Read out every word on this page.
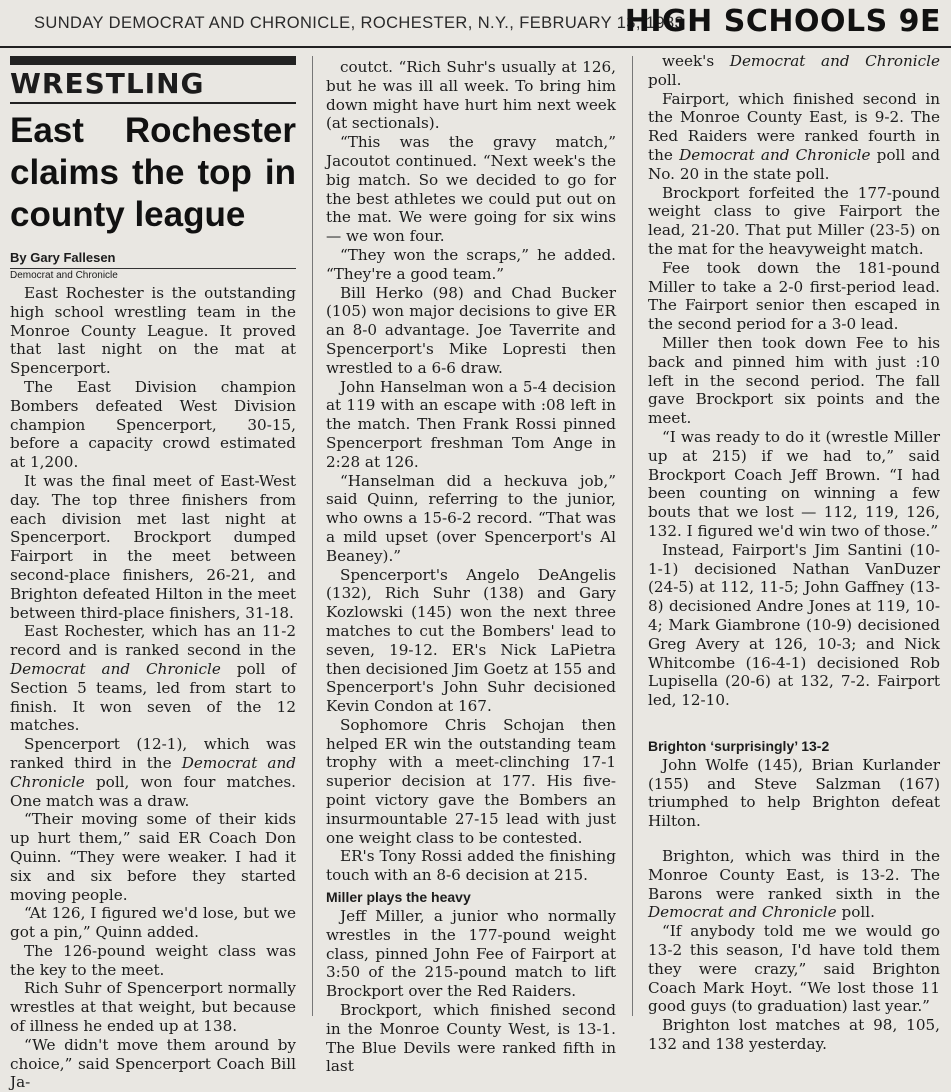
SUNDAY DEMOCRAT AND CHRONICLE, ROCHESTER, N.Y., FEBRUARY 13, 1983
HIGH SCHOOLS 9E
WRESTLING
East Rochester claims the top in county league
By Gary Fallesen
Democrat and Chronicle

East Rochester is the outstanding high school wrestling team in the Monroe County League. It proved that last night on the mat at Spencerport.

The East Division champion Bombers defeated West Division champion Spencerport, 30-15, before a capacity crowd estimated at 1,200.

It was the final meet of East-West day. The top three finishers from each division met last night at Spencerport. Brockport dumped Fairport in the meet between second-place finishers, 26-21, and Brighton defeated Hilton in the meet between third-place finishers, 31-18.

East Rochester, which has an 11-2 record and is ranked second in the Democrat and Chronicle poll of Section 5 teams, led from start to finish. It won seven of the 12 matches.

Spencerport (12-1), which was ranked third in the Democrat and Chronicle poll, won four matches. One match was a draw.

“Their moving some of their kids up hurt them,” said ER Coach Don Quinn. “They were weaker. I had it six and six before they started moving people.

“At 126, I figured we'd lose, but we got a pin,” Quinn added.

The 126-pound weight class was the key to the meet.

Rich Suhr of Spencerport normally wrestles at that weight, but because of illness he ended up at 138.

“We didn't move them around by choice,” said Spencerport Coach Bill Ja-

coutct. “Rich Suhr's usually at 126, but he was ill all week. To bring him down might have hurt him next week (at sectionals).

“This was the gravy match,” Jacoutot continued. “Next week's the big match. So we decided to go for the best athletes we could put out on the mat. We were going for six wins — we won four.

“They won the scraps,” he added. “They're a good team.”

Bill Herko (98) and Chad Bucker (105) won major decisions to give ER an 8-0 advantage. Joe Taverrite and Spencerport's Mike Lopresti then wrestled to a 6-6 draw.

John Hanselman won a 5-4 decision at 119 with an escape with :08 left in the match. Then Frank Rossi pinned Spencerport freshman Tom Ange in 2:28 at 126.

“Hanselman did a heckuva job,” said Quinn, referring to the junior, who owns a 15-6-2 record. “That was a mild upset (over Spencerport's Al Beaney).”

Spencerport's Angelo DeAngelis (132), Rich Suhr (138) and Gary Kozlowski (145) won the next three matches to cut the Bombers' lead to seven, 19-12. ER's Nick LaPietra then decisioned Jim Goetz at 155 and Spencerport's John Suhr decisioned Kevin Condon at 167.

Sophomore Chris Schojan then helped ER win the outstanding team trophy with a meet-clinching 17-1 superior decision at 177. His five-point victory gave the Bombers an insurmountable 27-15 lead with just one weight class to be contested.

ER's Tony Rossi added the finishing touch with an 8-6 decision at 215.

Miller plays the heavy

Jeff Miller, a junior who normally wrestles in the 177-pound weight class, pinned John Fee of Fairport at 3:50 of the 215-pound match to lift Brockport over the Red Raiders.

Brockport, which finished second in the Monroe County West, is 13-1. The Blue Devils were ranked fifth in last

week's Democrat and Chronicle poll.

Fairport, which finished second in the Monroe County East, is 9-2. The Red Raiders were ranked fourth in the Democrat and Chronicle poll and No. 20 in the state poll.

Brockport forfeited the 177-pound weight class to give Fairport the lead, 21-20. That put Miller (23-5) on the mat for the heavyweight match.

Fee took down the 181-pound Miller to take a 2-0 first-period lead. The Fairport senior then escaped in the second period for a 3-0 lead.

Miller then took down Fee to his back and pinned him with just :10 left in the second period. The fall gave Brockport six points and the meet.

“I was ready to do it (wrestle Miller up at 215) if we had to,” said Brockport Coach Jeff Brown. “I had been counting on winning a few bouts that we lost — 112, 119, 126, 132. I figured we'd win two of those.”

Instead, Fairport's Jim Santini (10-1-1) decisioned Nathan VanDuzer (24-5) at 112, 11-5; John Gaffney (13-8) decisioned Andre Jones at 119, 10-4; Mark Giambrone (10-9) decisioned Greg Avery at 126, 10-3; and Nick Whitcombe (16-4-1) decisioned Rob Lupisella (20-6) at 132, 7-2. Fairport led, 12-10.

Brighton ‘surprisingly’ 13-2

John Wolfe (145), Brian Kurlander (155) and Steve Salzman (167) triumphed to help Brighton defeat Hilton.

Brighton, which was third in the Monroe County East, is 13-2. The Barons were ranked sixth in the Democrat and Chronicle poll.

“If anybody told me we would go 13-2 this season, I'd have told them they were crazy,” said Brighton Coach Mark Hoyt. “We lost those 11 good guys (to graduation) last year.”

Brighton lost matches at 98, 105, 132 and 138 yesterday.
